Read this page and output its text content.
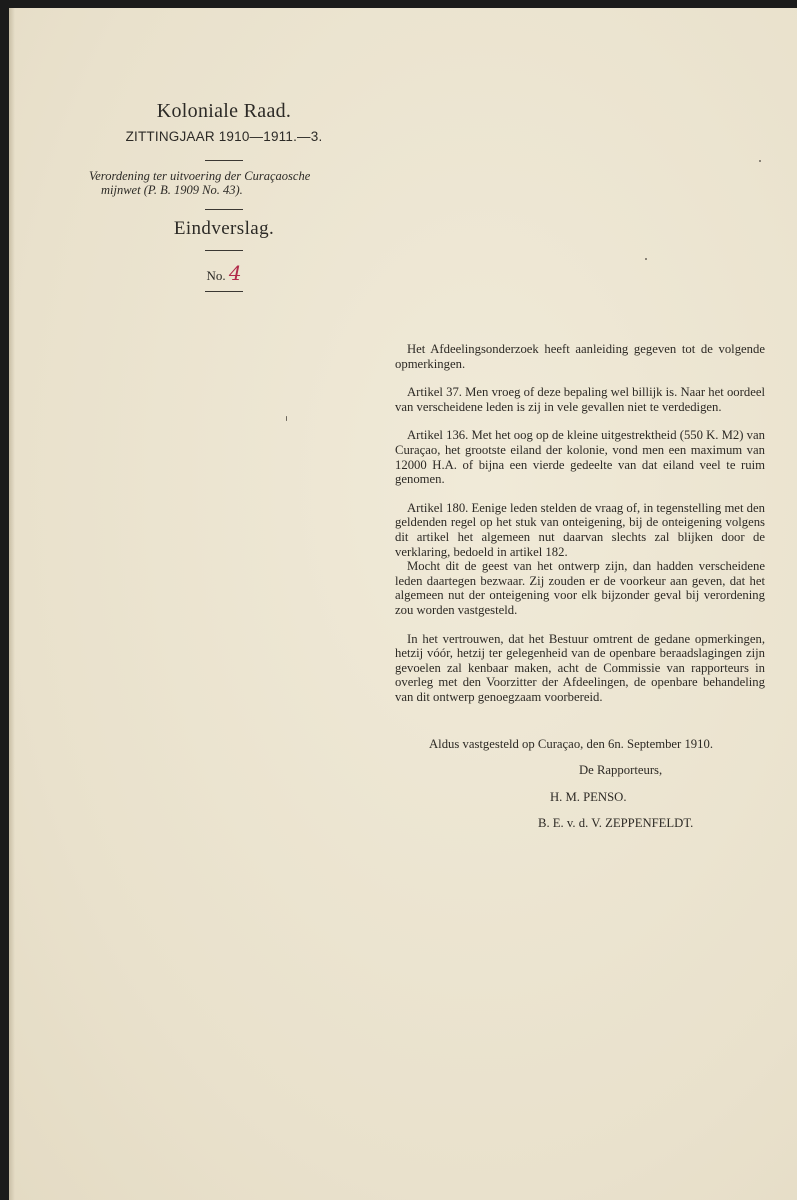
Koloniale Raad.

ZITTINGJAAR 1910—1911.—3.

Verordening ter uitvoering der Curaçaosche
mijnwet (P. B. 1909 No. 43).

Eindverslag.

No. 4

Het Afdeelingsonderzoek heeft aanleiding gegeven tot de volgende opmerkingen.

Artikel 37. Men vroeg of deze bepaling wel billijk is. Naar het oordeel van verscheidene leden is zij in vele gevallen niet te verdedigen.

Artikel 136. Met het oog op de kleine uitgestrektheid (550 K. M2) van Curaçao, het grootste eiland der kolonie, vond men een maximum van 12000 H.A. of bijna een vierde gedeelte van dat eiland veel te ruim genomen.

Artikel 180. Eenige leden stelden de vraag of, in tegenstelling met den geldenden regel op het stuk van onteigening, bij de onteigening volgens dit artikel het algemeen nut daarvan slechts zal blijken door de verklaring, bedoeld in artikel 182.

Mocht dit de geest van het ontwerp zijn, dan hadden verscheidene leden daartegen bezwaar. Zij zouden er de voorkeur aan geven, dat het algemeen nut der onteigening voor elk bijzonder geval bij verordening zou worden vastgesteld.

In het vertrouwen, dat het Bestuur omtrent de gedane opmerkingen, hetzij vóór, hetzij ter gelegenheid van de openbare beraadslagingen zijn gevoelen zal kenbaar maken, acht de Commissie van rapporteurs in overleg met den Voorzitter der Afdeelingen, de openbare behandeling van dit ontwerp genoegzaam voorbereid.

Aldus vastgesteld op Curaçao, den 6n. September 1910.
De Rapporteurs,
H. M. PENSO.
B. E. v. d. V. ZEPPENFELDT.
